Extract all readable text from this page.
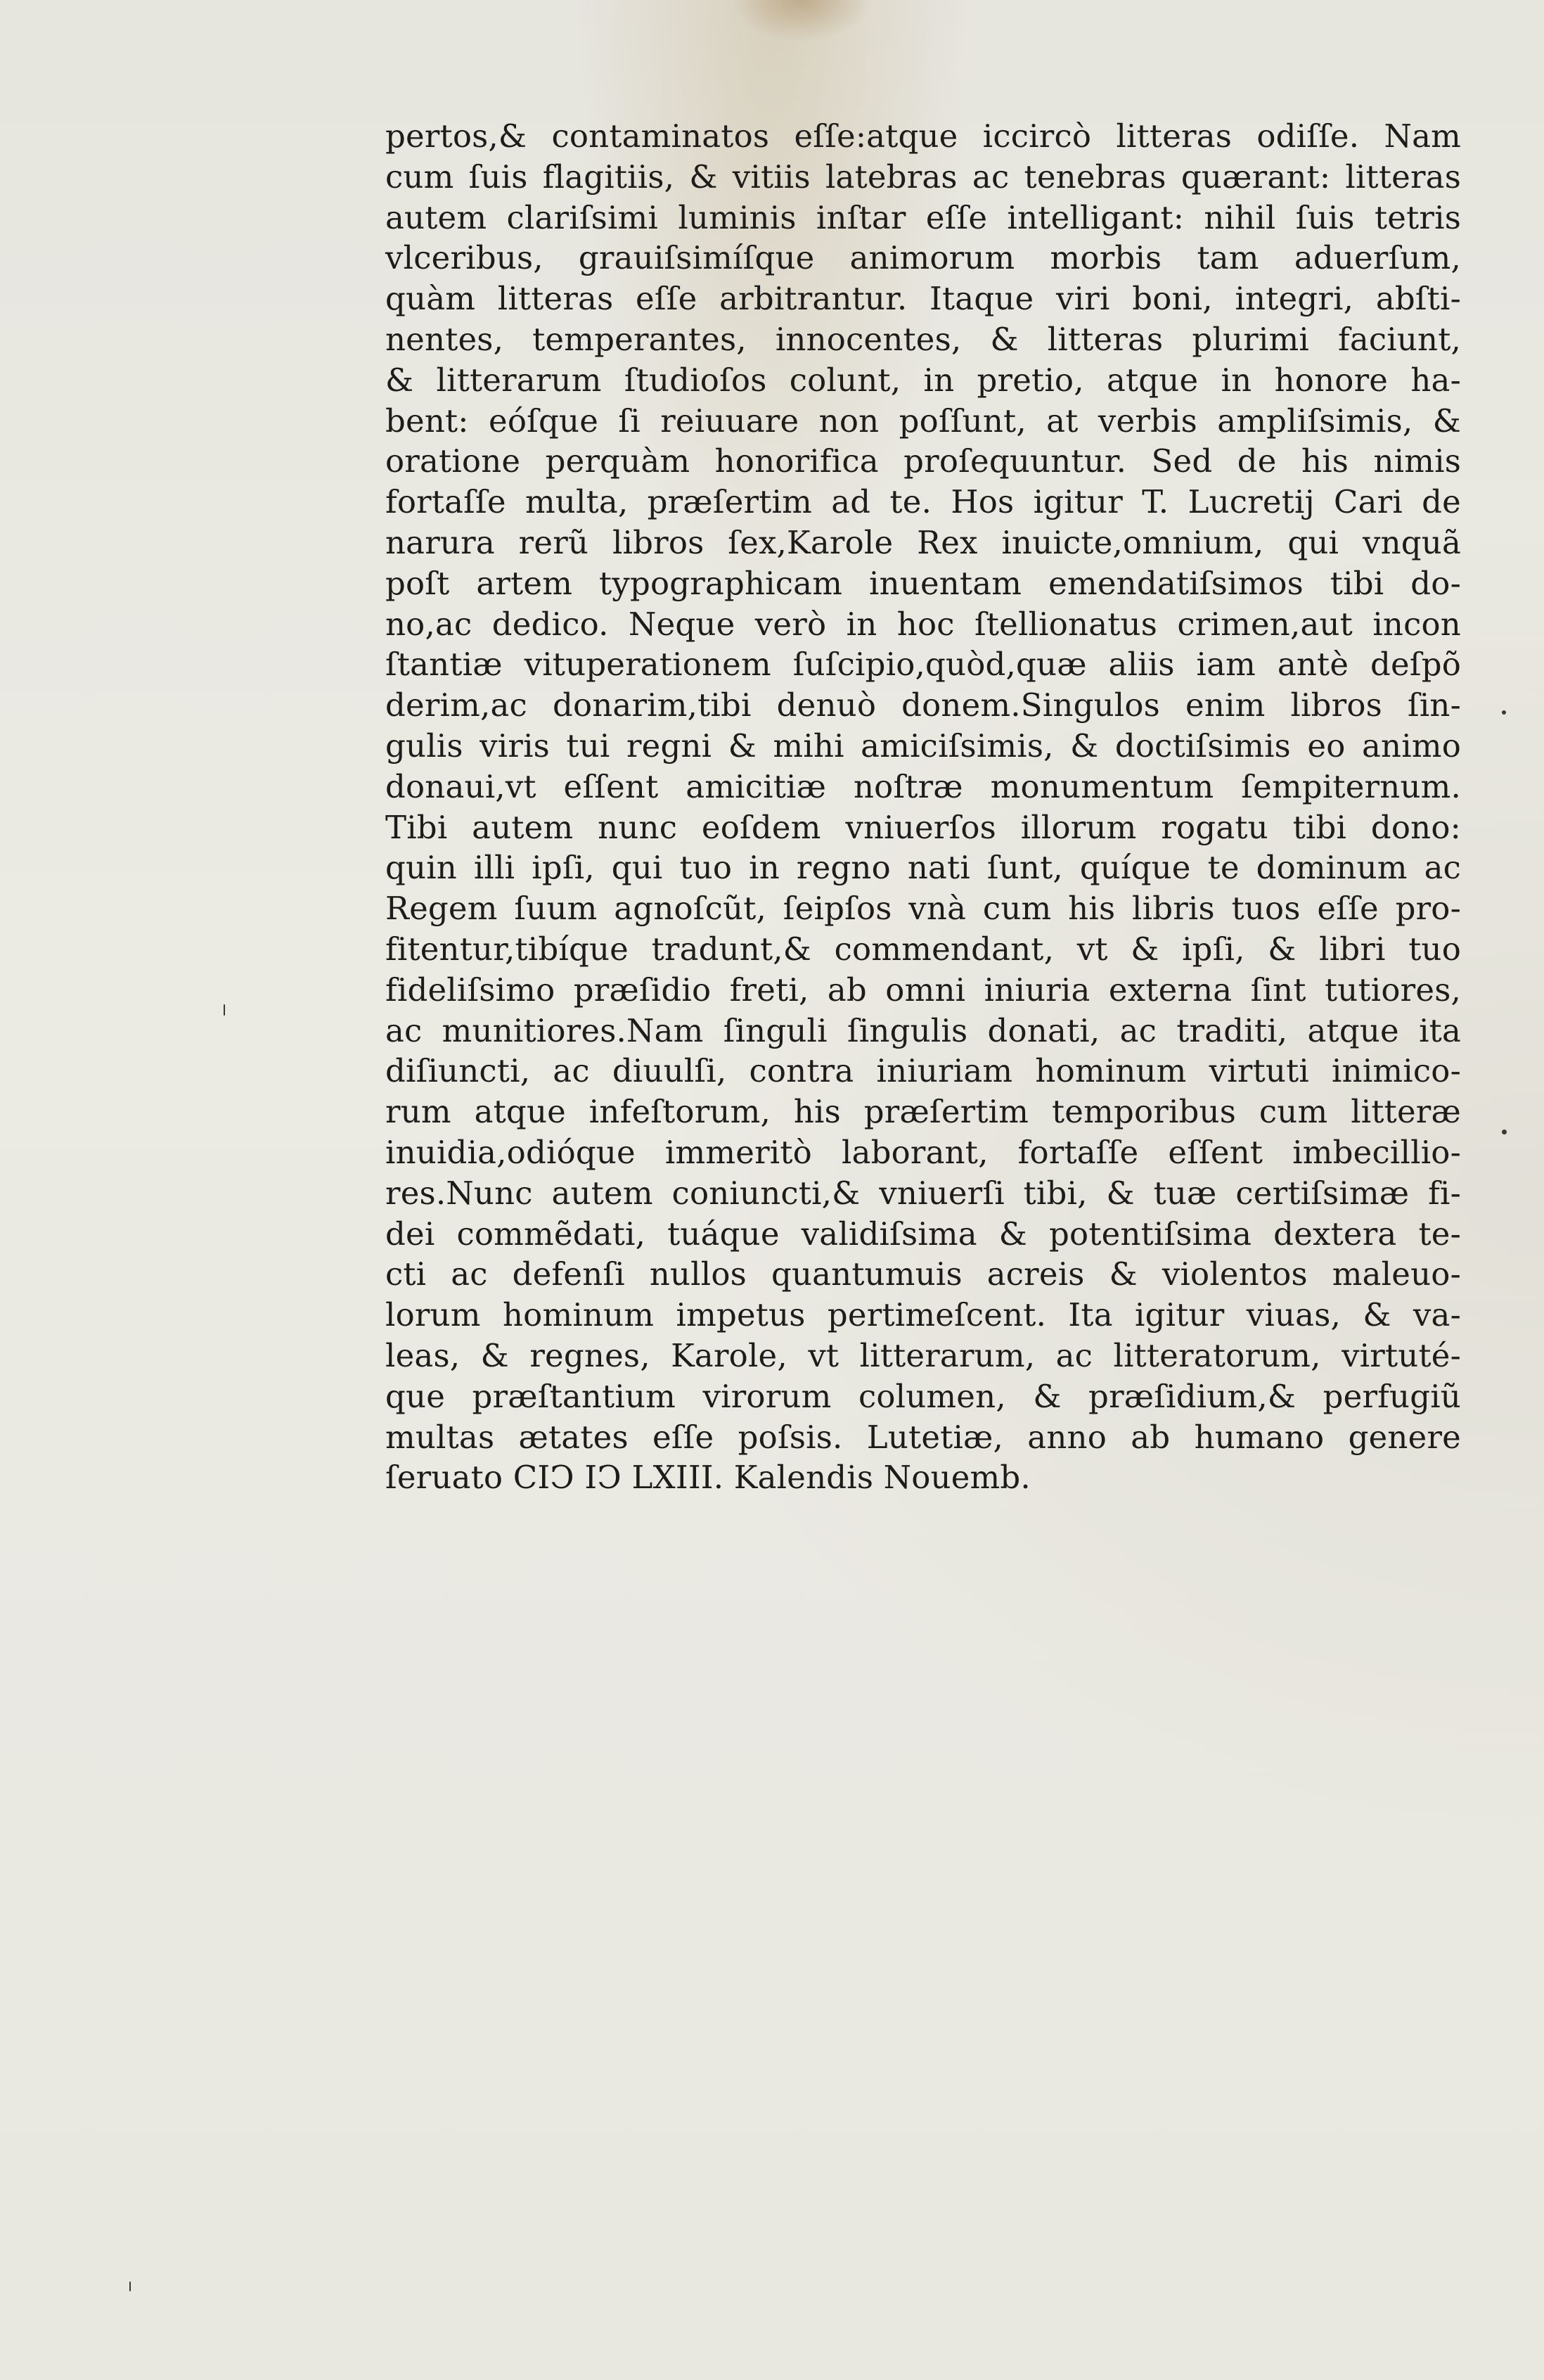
pertos,& contaminatos eſſe:atque iccircò litteras odiſſe. Nam
cum ſuis flagitiis, & vitiis latebras ac tenebras quærant: litteras
autem clariſsimi luminis inſtar eſſe intelligant: nihil ſuis tetris
vlceribus, grauiſsimíſque animorum morbis tam aduerſum,
quàm litteras eſſe arbitrantur. Itaque viri boni, integri, abſti-
nentes, temperantes, innocentes, & litteras plurimi faciunt,
& litterarum ſtudioſos colunt, in pretio, atque in honore ha-
bent: eóſque ſi reiuuare non poſſunt, at verbis ampliſsimis, &
oratione perquàm honorifica proſequuntur. Sed de his nimis
fortaſſe multa, præſertim ad te. Hos igitur T. Lucretij Cari de
narura rerũ libros ſex,Karole Rex inuicte,omnium, qui vnquã
poſt artem typographicam inuentam emendatiſsimos tibi do-
no,ac dedico. Neque verò in hoc ſtellionatus crimen,aut incon
ſtantiæ vituperationem ſuſcipio,quòd,quæ aliis iam antè deſpõ
derim,ac donarim,tibi denuò donem.Singulos enim libros ſin-
gulis viris tui regni & mihi amiciſsimis, & doctiſsimis eo animo
donaui,vt eſſent amicitiæ noſtræ monumentum ſempiternum.
Tibi autem nunc eoſdem vniuerſos illorum rogatu tibi dono:
quin illi ipſi, qui tuo in regno nati ſunt, quíque te dominum ac
Regem ſuum agnoſcũt, ſeipſos vnà cum his libris tuos eſſe pro-
fitentur,tibíque tradunt,& commendant, vt & ipſi, & libri tuo
fideliſsimo præſidio freti, ab omni iniuria externa ſint tutiores,
ac munitiores.Nam ſinguli ſingulis donati, ac traditi, atque ita
diſiuncti, ac diuulſi, contra iniuriam hominum virtuti inimico-
rum atque infeſtorum, his præſertim temporibus cum litteræ
inuidia,odióque immeritò laborant, fortaſſe eſſent imbecillio-
res.Nunc autem coniuncti,& vniuerſi tibi, & tuæ certiſsimæ fi-
dei commẽdati, tuáque validiſsima & potentiſsima dextera te-
cti ac defenſi nullos quantumuis acreis & violentos maleuo-
lorum hominum impetus pertimeſcent. Ita igitur viuas, & va-
leas, & regnes, Karole, vt litterarum, ac litteratorum, virtuté-
que præſtantium virorum columen, & præſidium,& perfugiũ
multas ætates eſſe poſsis. Lutetiæ, anno ab humano genere
ſeruato CIↃ IↃ LXIII. Kalendis Nouemb.
